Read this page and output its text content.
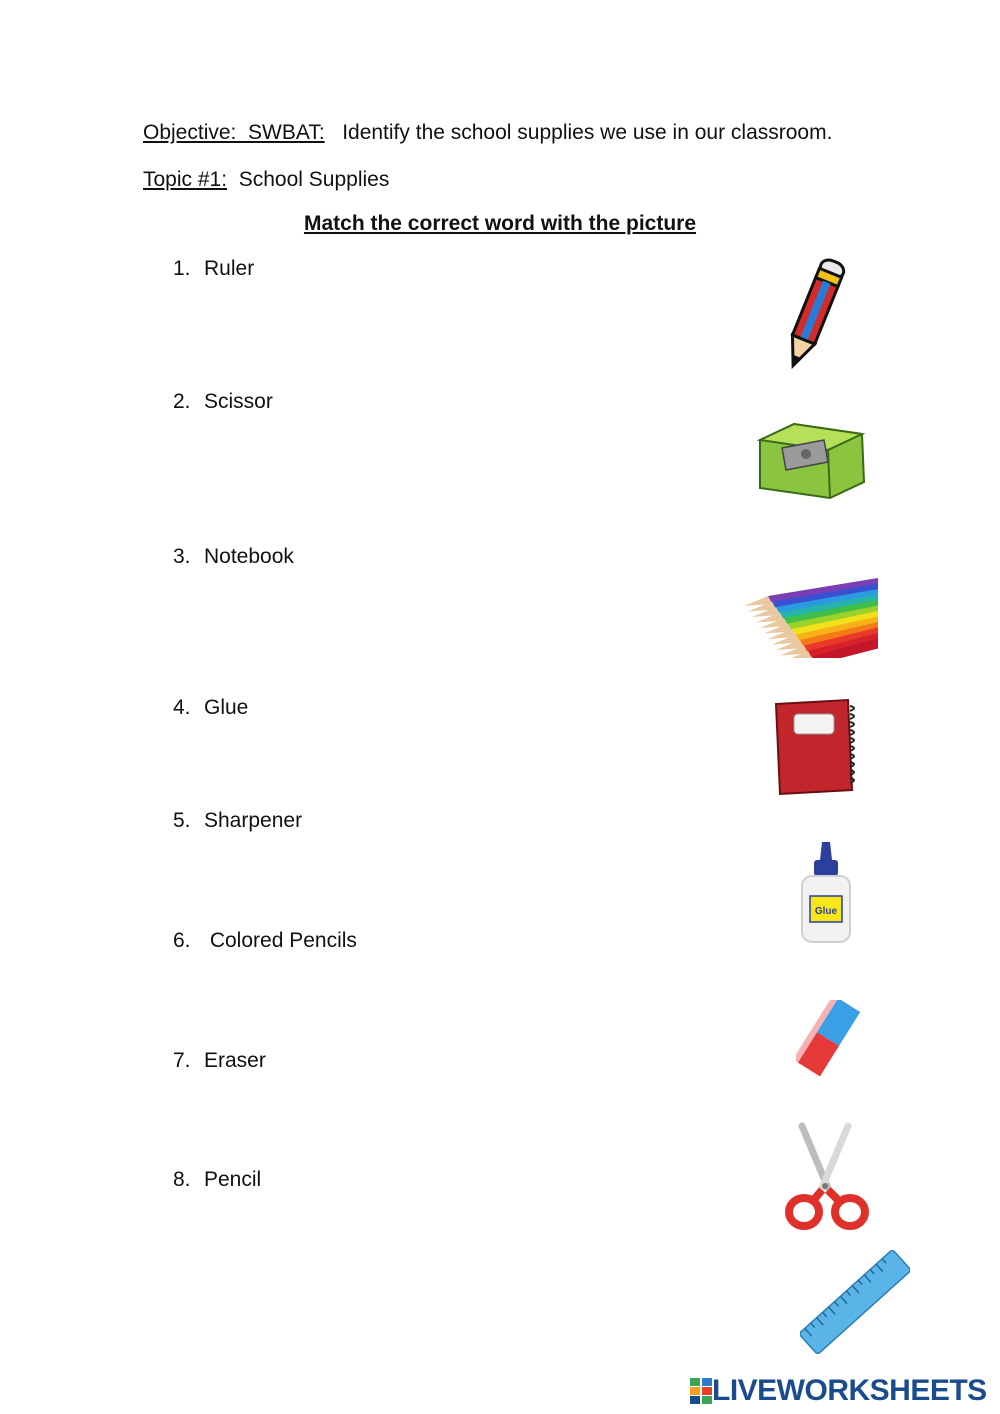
Objective:  SWBAT: Identify the school supplies we use in our classroom.
Topic #1: School Supplies
Match the correct word with the picture
1. Ruler
2. Scissor
3. Notebook
4. Glue
5. Sharpener
6. Colored Pencils
7. Eraser
8. Pencil
Glue
LIVEWORKSHEETS
